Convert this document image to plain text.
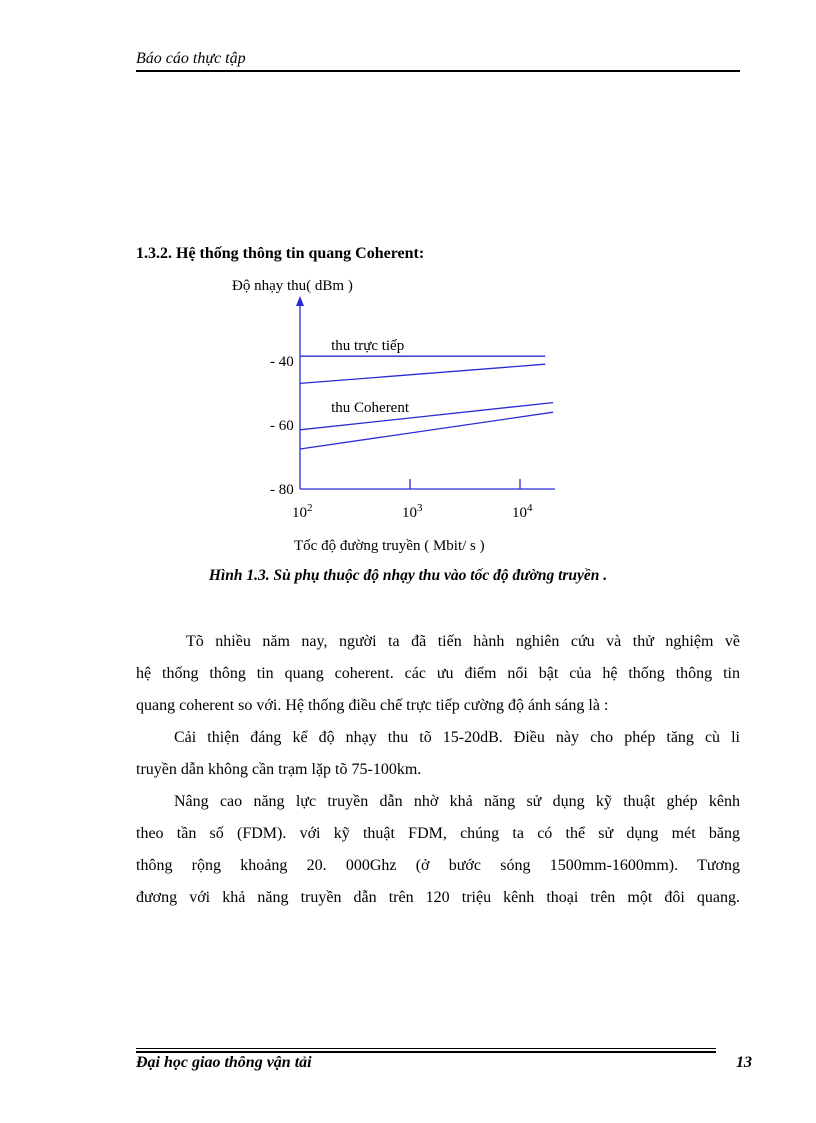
Báo cáo thực tập
1.3.2. Hệ thống thông tin quang Coherent:
Độ nhạy thu( dBm )
Tốc độ đường truyền ( Mbit/ s )
- 40
- 60
- 80
$10^2$	$10^3$	$10^4$
thu trực tiếp
thu Coherent
Hình 1.3. Sù phụ thuộc độ nhạy thu vào tốc độ đường truyền .
Tõ nhiều năm nay, người ta đã tiến hành nghiên cứu và thử nghiệm về
hệ thống thông tin quang coherent. các ưu điểm nổi bật của hệ thống thông tin
quang coherent so với. Hệ thống điều chế trực tiếp cường độ ánh sáng là :
Cải thiện đáng kể độ nhạy thu tõ 15-20dB. Điều này cho phép tăng cù li
truyền dẫn không cần trạm lặp tõ 75-100km.
Nâng cao năng lực truyền dẫn nhờ khả năng sử dụng kỹ thuật ghép kênh
theo tần số (FDM). với kỹ thuật FDM, chúng ta có thể sử dụng mét băng
thông rộng khoảng 20. 000Ghz (ở bước sóng 1500mm-1600mm). Tương
đương với khả năng truyền dẫn trên 120 triệu kênh thoại trên một đôi quang.
Đại học giao thông vận tải	13
